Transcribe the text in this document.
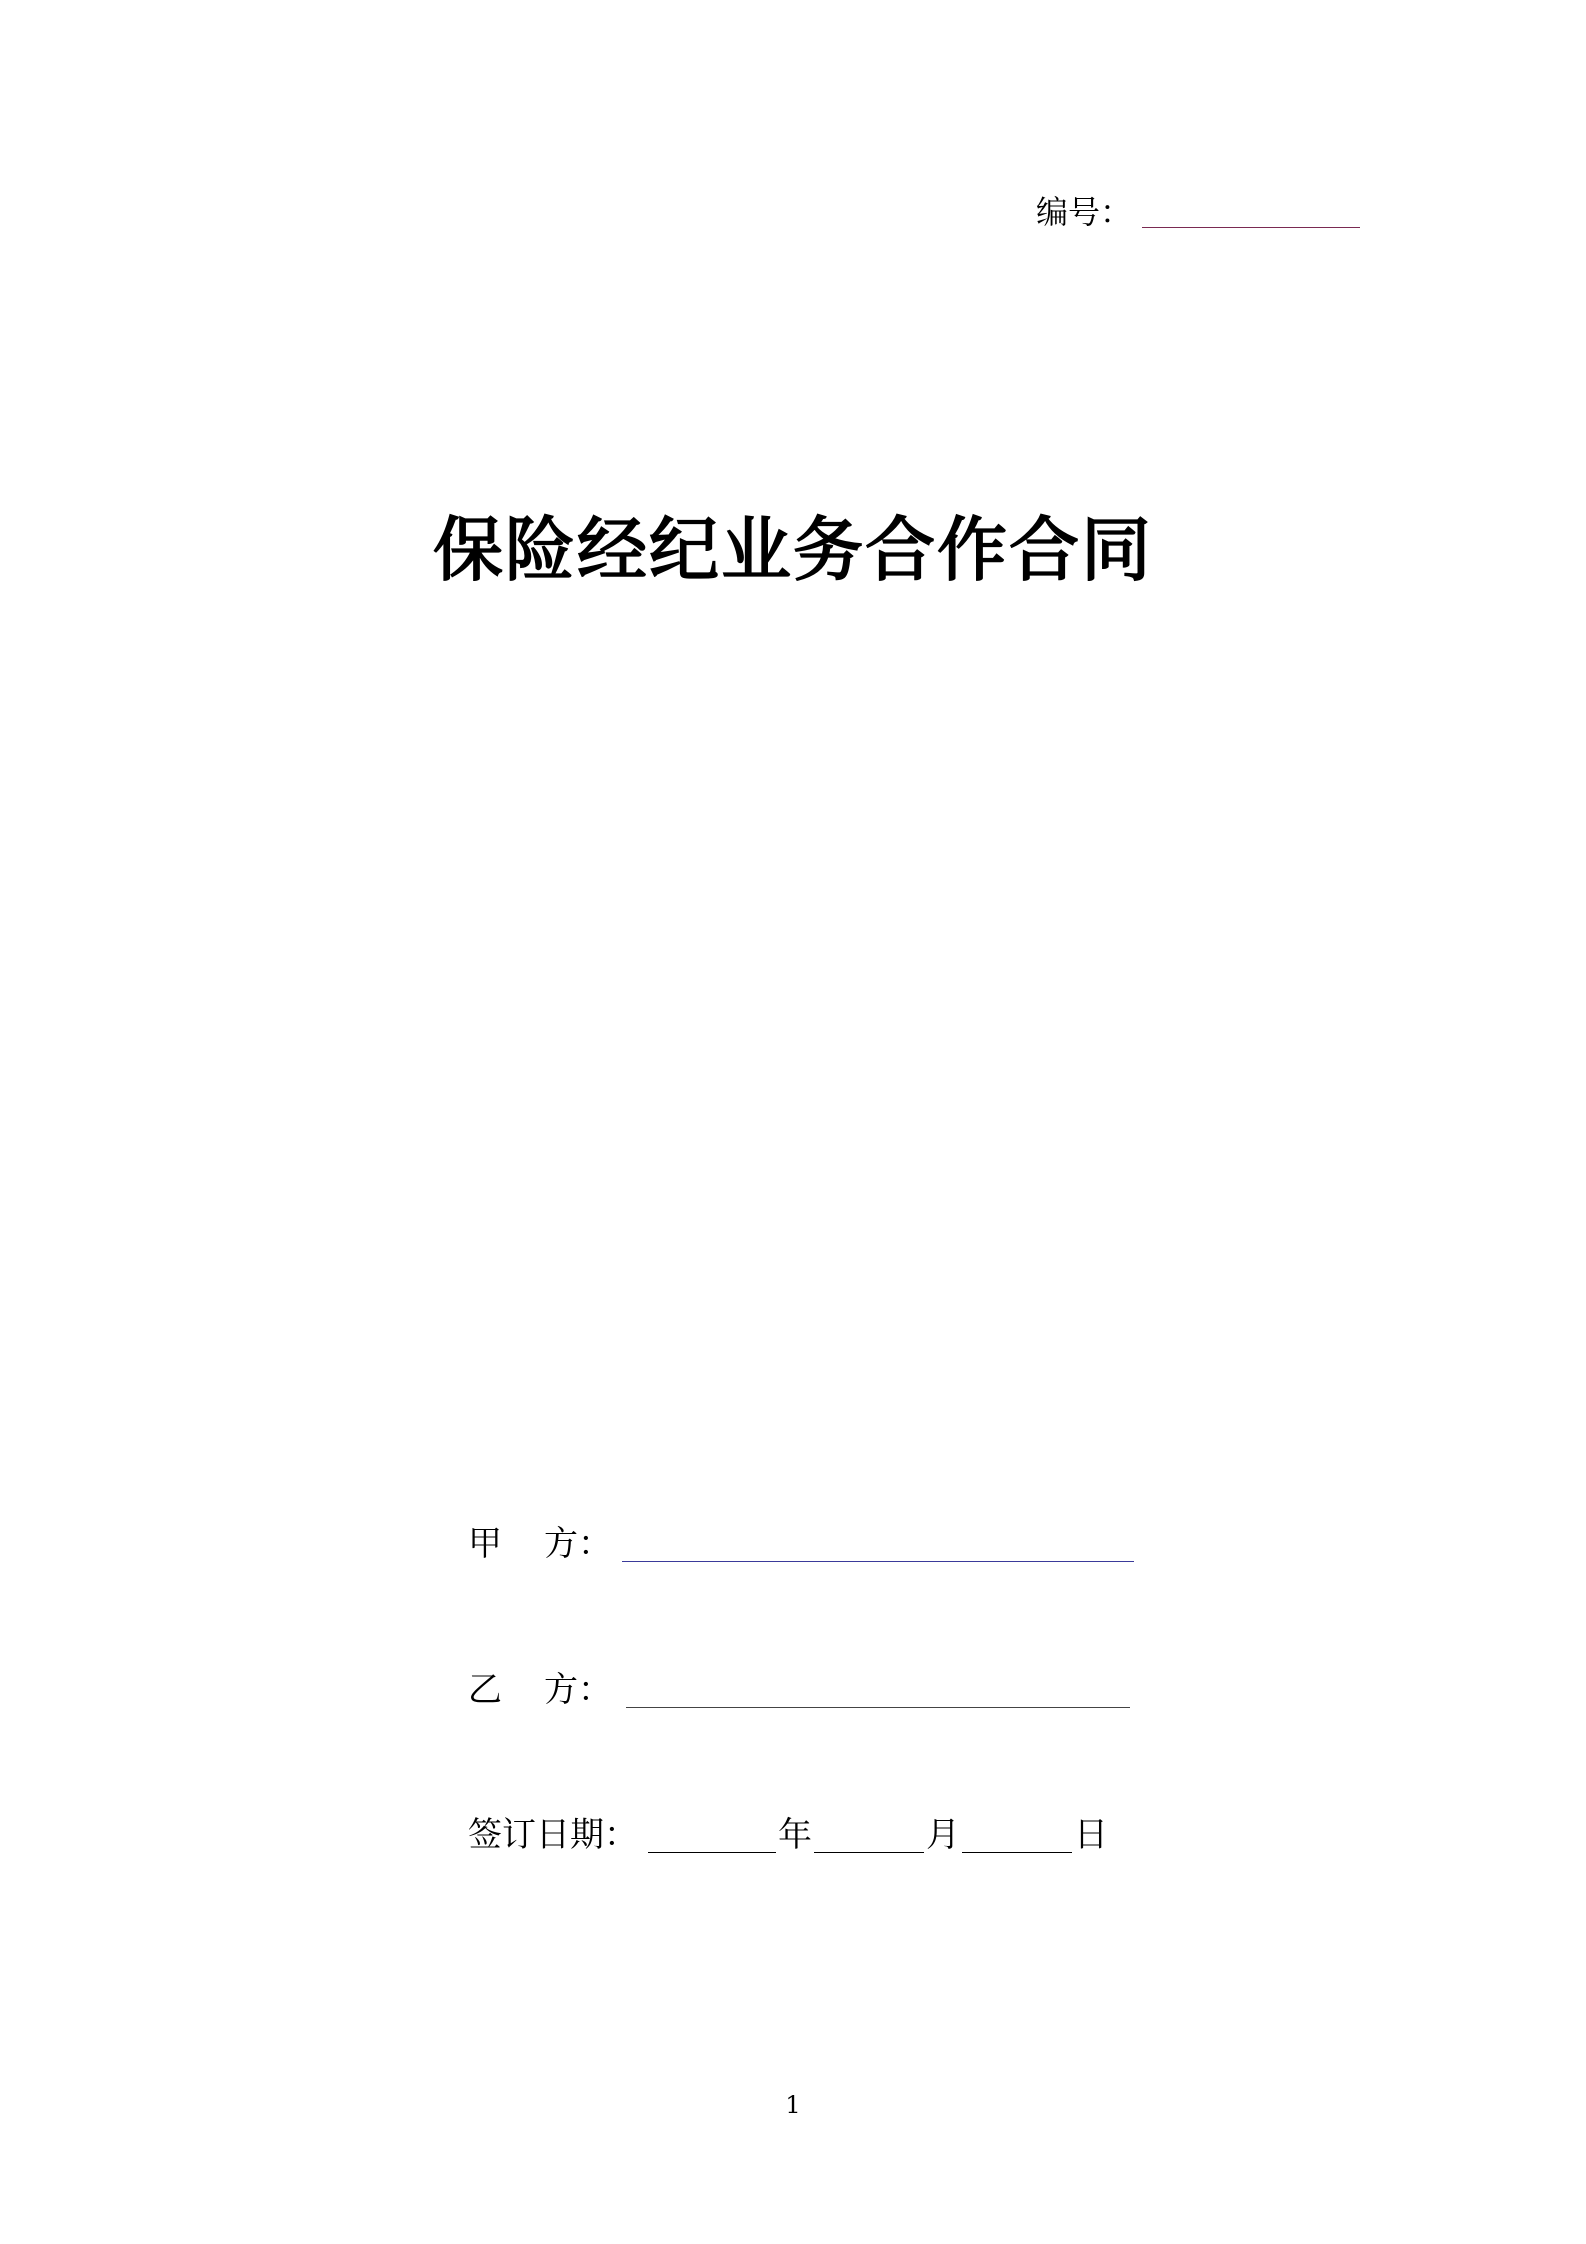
编号：
保险经纪业务合作合同
甲 方：
乙 方：
签订日期：	年	月	日
1
